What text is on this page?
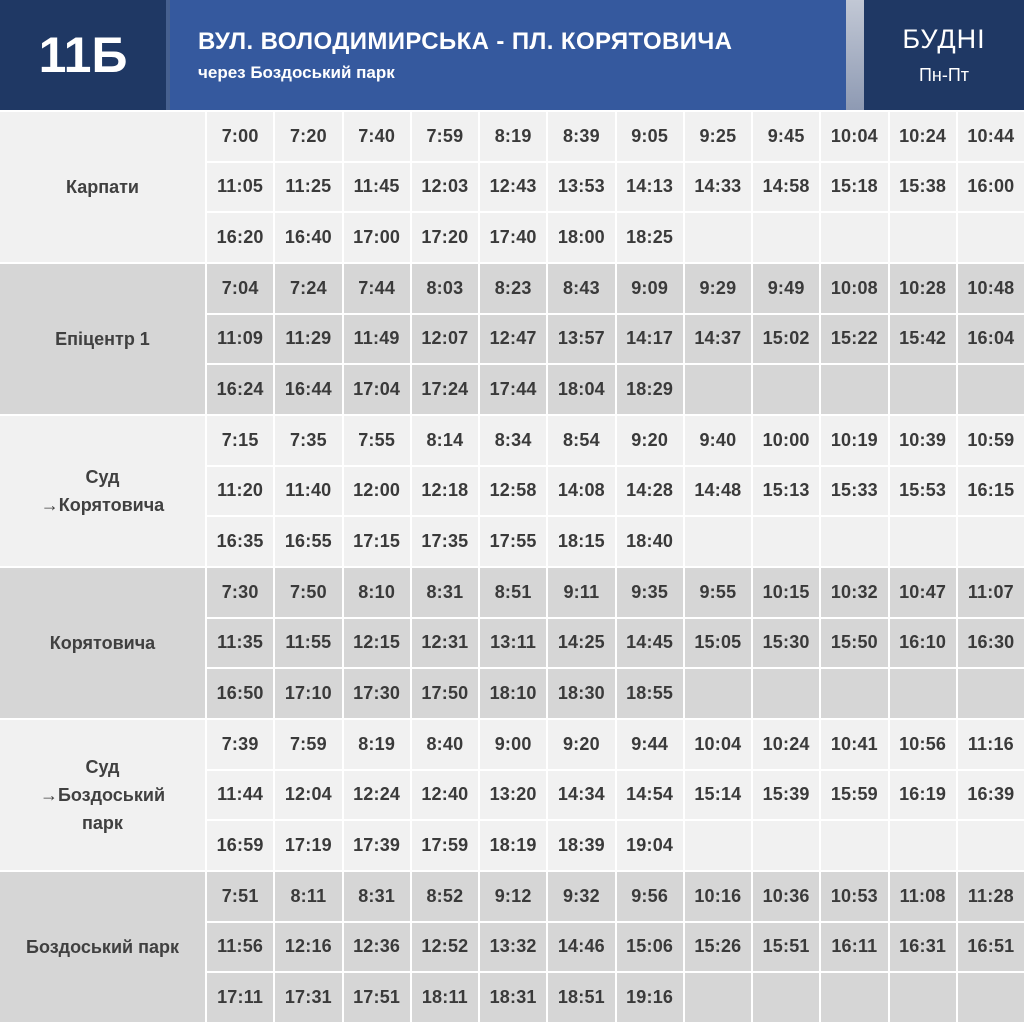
11Б	ВУЛ. ВОЛОДИМИРСЬКА - ПЛ. КОРЯТОВИЧА
через Боздоський парк
БУДНІ
Пн-Пт
Карпати
7:00	7:20	7:40	7:59	8:19	8:39	9:05	9:25	9:45	10:04	10:24	10:44
11:05	11:25	11:45	12:03	12:43	13:53	14:13	14:33	14:58	15:18	15:38	16:00
16:20	16:40	17:00	17:20	17:40	18:00	18:25
Епіцентр 1
7:04	7:24	7:44	8:03	8:23	8:43	9:09	9:29	9:49	10:08	10:28	10:48
11:09	11:29	11:49	12:07	12:47	13:57	14:17	14:37	15:02	15:22	15:42	16:04
16:24	16:44	17:04	17:24	17:44	18:04	18:29
Суд
→Корятовича
7:15	7:35	7:55	8:14	8:34	8:54	9:20	9:40	10:00	10:19	10:39	10:59
11:20	11:40	12:00	12:18	12:58	14:08	14:28	14:48	15:13	15:33	15:53	16:15
16:35	16:55	17:15	17:35	17:55	18:15	18:40
Корятовича
7:30	7:50	8:10	8:31	8:51	9:11	9:35	9:55	10:15	10:32	10:47	11:07
11:35	11:55	12:15	12:31	13:11	14:25	14:45	15:05	15:30	15:50	16:10	16:30
16:50	17:10	17:30	17:50	18:10	18:30	18:55
Суд
→Боздоський
парк
7:39	7:59	8:19	8:40	9:00	9:20	9:44	10:04	10:24	10:41	10:56	11:16
11:44	12:04	12:24	12:40	13:20	14:34	14:54	15:14	15:39	15:59	16:19	16:39
16:59	17:19	17:39	17:59	18:19	18:39	19:04
Боздоський парк
7:51	8:11	8:31	8:52	9:12	9:32	9:56	10:16	10:36	10:53	11:08	11:28
11:56	12:16	12:36	12:52	13:32	14:46	15:06	15:26	15:51	16:11	16:31	16:51
17:11	17:31	17:51	18:11	18:31	18:51	19:16
